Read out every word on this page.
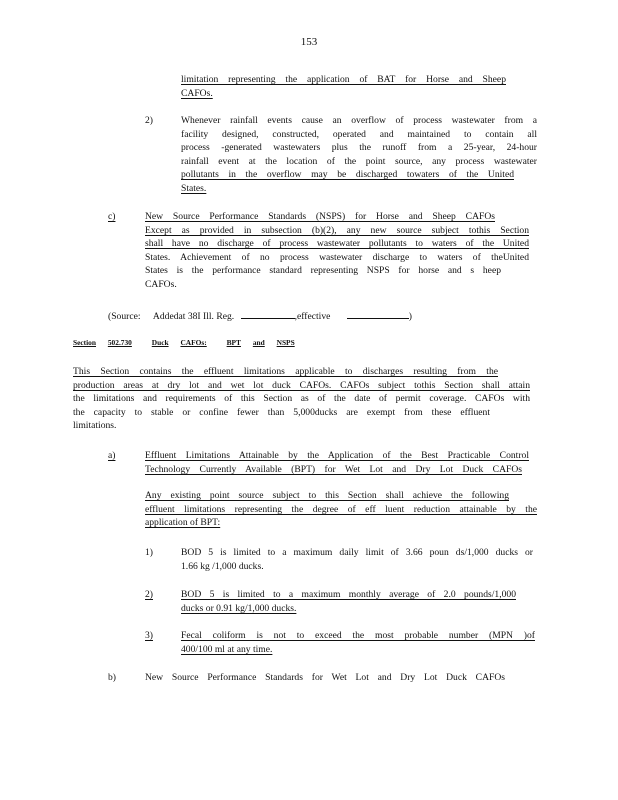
153
limitation representing the application of BAT for Horse and Sheep
CAFOs.
2)	Whenever rainfall events cause an overflow of process wastewater from a
facility designed, constructed, operated and maintained to contain all
process -generated wastewaters plus the runoff from a 25-year, 24-hour
rainfall event at the location of the point source, any process wastewater
pollutants in the overflow may be discharged towaters of the United
States.
c)	New Source Performance Standards (NSPS) for Horse and Sheep CAFOs
Except as provided in subsection (b)(2), any new source subject tothis Section
shall have no discharge of process wastewater pollutants to waters of the United
States. Achievement of no process wastewater discharge to waters of theUnited
States is the performance standard representing NSPS for horse and s heep
CAFOs.
(Source: Addedat 38I Ill. Reg.	,effective	)
Section 502.730	Duck CAFOs:	BPT and NSPS
This Section contains the effluent limitations applicable to discharges resulting from the
production areas at dry lot and wet lot duck CAFOs. CAFOs subject tothis Section shall attain
the limitations and requirements of this Section as of the date of permit coverage. CAFOs with
the capacity to stable or confine fewer than 5,000ducks are exempt from these effluent
limitations.
a)	Effluent Limitations Attainable by the Application of the Best Practicable Control
Technology Currently Available (BPT) for Wet Lot and Dry Lot Duck CAFOs
Any existing point source subject to this Section shall achieve the following
effluent limitations representing the degree of eff luent reduction attainable by the
application of BPT:
1)	BOD 5 is limited to a maximum daily limit of 3.66 poun ds/1,000 ducks or
1.66 kg /1,000 ducks.
2)	BOD 5 is limited to a maximum monthly average of 2.0 pounds/1,000
ducks or 0.91 kg/1,000 ducks.
3)	Fecal coliform is not to exceed the most probable number (MPN )of
400/100 ml at any time.
b)	New Source Performance Standards for Wet Lot and Dry Lot Duck CAFOs
